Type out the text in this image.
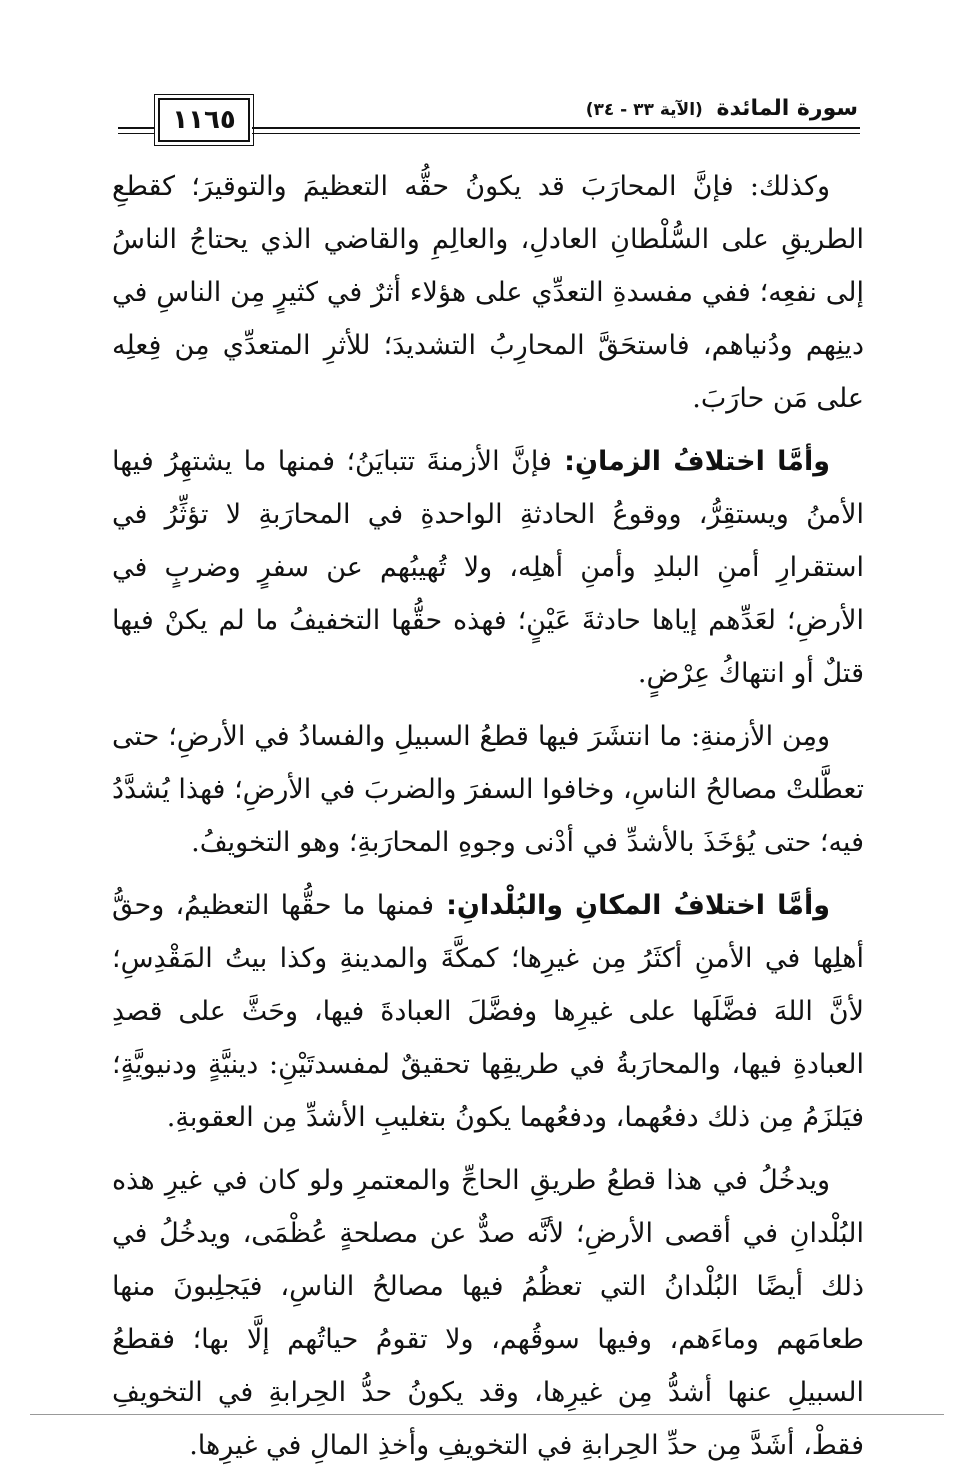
١١٦٥	سورة المائدة (الآية ٣٣ - ٣٤)

وكذلك: فإنَّ المحارَبَ قد يكونُ حقُّه التعظيمَ والتوقيرَ؛ كقطعِ الطريقِ على السُّلْطانِ العادلِ، والعالِمِ والقاضي الذي يحتاجُ الناسُ إلى نفعِه؛ ففي مفسدةِ التعدِّي على هؤلاء أثرٌ في كثيرٍ مِن الناسِ في دينِهم ودُنياهم، فاستحَقَّ المحارِبُ التشديدَ؛ للأثرِ المتعدِّي مِن فِعلِه على مَن حارَبَ.

وأمَّا اختلافُ الزمانِ: فإنَّ الأزمنةَ تتبايَنُ؛ فمنها ما يشتهِرُ فيها الأمنُ ويستقِرُّ، ووقوعُ الحادثةِ الواحدةِ في المحارَبةِ لا تؤثِّرُ في استقرارِ أمنِ البلدِ وأمنِ أهلِه، ولا تُهيبُهم عن سفرٍ وضربٍ في الأرضِ؛ لعَدِّهم إياها حادثةَ عَيْنٍ؛ فهذه حقُّها التخفيفُ ما لم يكنْ فيها قتلٌ أو انتهاكُ عِرْضٍ.

ومِن الأزمنةِ: ما انتشَرَ فيها قطعُ السبيلِ والفسادُ في الأرضِ؛ حتى تعطَّلتْ مصالحُ الناسِ، وخافوا السفرَ والضربَ في الأرضِ؛ فهذا يُشدَّدُ فيه؛ حتى يُؤخَذَ بالأشدِّ في أدْنى وجوهِ المحارَبةِ؛ وهو التخويفُ.

وأمَّا اختلافُ المكانِ والبُلْدانِ: فمنها ما حقُّها التعظيمُ، وحقُّ أهلِها في الأمنِ أكثَرُ مِن غيرِها؛ كمكَّةَ والمدينةِ وكذا بيتُ المَقْدِسِ؛ لأنَّ اللهَ فضَّلَها على غيرِها وفضَّلَ العبادةَ فيها، وحَثَّ على قصدِ العبادةِ فيها، والمحارَبةُ في طريقِها تحقيقٌ لمفسدتَيْنِ: دينيَّةٍ ودنيويَّةٍ؛ فيَلزَمُ مِن ذلك دفعُهما، ودفعُهما يكونُ بتغليبِ الأشدِّ مِن العقوبةِ.

ويدخُلُ في هذا قطعُ طريقِ الحاجِّ والمعتمرِ ولو كان في غيرِ هذه البُلْدانِ في أقصى الأرضِ؛ لأنَّه صدٌّ عن مصلحةٍ عُظْمَى، ويدخُلُ في ذلك أيضًا البُلْدانُ التي تعظُمُ فيها مصالحُ الناسِ، فيَجلِبونَ منها طعامَهم وماءَهم، وفيها سوقُهم، ولا تقومُ حياتُهم إلَّا بها؛ فقطعُ السبيلِ عنها أشدُّ مِن غيرِها، وقد يكونُ حدُّ الحِرابةِ في التخويفِ فقطْ، أشَدَّ مِن حدِّ الحِرابةِ في التخويفِ وأخذِ المالِ في غيرِها.
